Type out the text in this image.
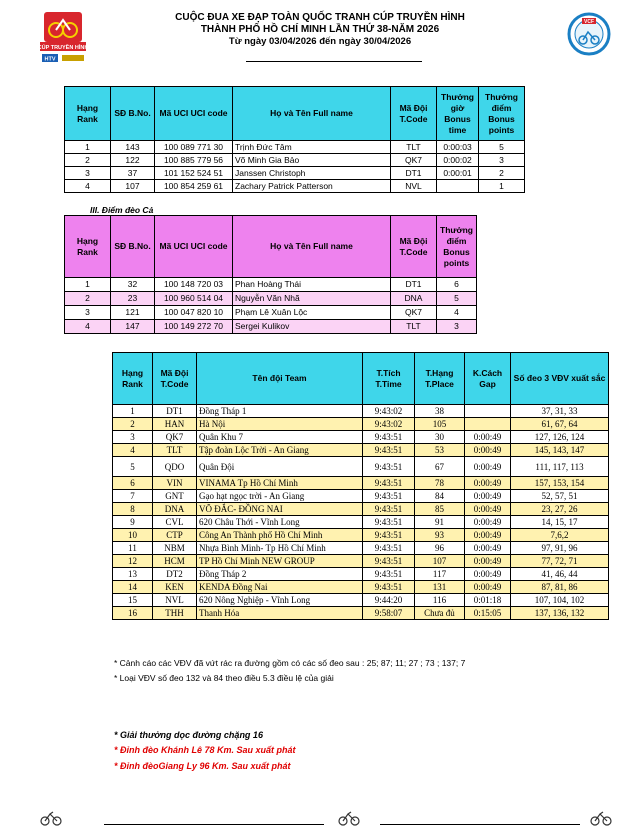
CÚP TRUYỀN HÌNH
HTV
VCF
CUỘC ĐUA XE ĐẠP TOÀN QUỐC TRANH CÚP TRUYỀN HÌNH
THÀNH PHỐ HỒ CHÍ MINH LẦN THỨ 38-NĂM 2026
Từ ngày 03/04/2026 đến ngày 30/04/2026
Hạng Rank	SĐ B.No.	Mã UCI UCI code	Họ và Tên Full name	Mã Đội T.Code	Thưởng giờ Bonus time	Thưởng điểm Bonus points
1	143	100 089 771 30	Trịnh Đức Tâm	TLT	0:00:03	5
2	122	100 885 779 56	Võ Minh Gia Bảo	QK7	0:00:02	3
3	37	101 152 524 51	Janssen Christoph	DT1	0:00:01	2
4	107	100 854 259 61	Zachary Patrick Patterson	NVL		1
III. Điểm đèo Cả
Hạng Rank	SĐ B.No.	Mã UCI UCI code	Họ và Tên Full name	Mã Đội T.Code	Thưởng điểm Bonus points
1	32	100 148 720 03	Phan Hoàng Thái	DT1	6
2	23	100 960 514 04	Nguyễn Văn Nhã	DNA	5
3	121	100 047 820 10	Phạm Lê Xuân Lộc	QK7	4
4	147	100 149 272 70	Sergei Kulikov	TLT	3
Hạng Rank	Mã Đội T.Code	Tên đội Team	T.Tích T.Time	T.Hạng T.Place	K.Cách Gap	Số đeo 3 VĐV xuất sắc
1	DT1	Đồng Tháp 1	9:43:02	38		37, 31, 33
2	HAN	Hà Nội	9:43:02	105		61, 67, 64
3	QK7	Quân Khu 7	9:43:51	30	0:00:49	127, 126, 124
4	TLT	Tập đoàn Lộc Trời - An Giang	9:43:51	53	0:00:49	145, 143, 147
5	QDO	Quân Đội	9:43:51	67	0:00:49	111, 117, 113
6	VIN	VINAMA Tp Hồ Chí Minh	9:43:51	78	0:00:49	157, 153, 154
7	GNT	Gạo hạt ngọc trời - An Giang	9:43:51	84	0:00:49	52, 57, 51
8	DNA	VÕ ĐẮC- ĐỒNG NAI	9:43:51	85	0:00:49	23, 27, 26
9	CVL	620 Châu Thới - Vĩnh Long	9:43:51	91	0:00:49	14, 15, 17
10	CTP	Công An Thành phố Hồ Chí Minh	9:43:51	93	0:00:49	7,6,2
11	NBM	Nhựa Bình Minh- Tp Hồ Chí Minh	9:43:51	96	0:00:49	97, 91, 96
12	HCM	TP Hồ Chí Minh NEW GROUP	9:43:51	107	0:00:49	77, 72, 71
13	DT2	Đồng Tháp 2	9:43:51	117	0:00:49	41, 46, 44
14	KEN	KENDA Đồng Nai	9:43:51	131	0:00:49	87, 81, 86
15	NVL	620 Nông Nghiệp - Vĩnh Long	9:44:20	116	0:01:18	107, 104, 102
16	THH	Thanh Hóa	9:58:07	Chưa đủ	0:15:05	137, 136, 132
* Cảnh cáo các VĐV đã vứt rác ra đường gồm có các số đeo sau : 25; 87; 11; 27 ; 73 ; 137; 7
* Loại VĐV số đeo 132 và 84 theo điều 5.3 điều lệ của giải
* Giải thưởng dọc đường chặng 16
* Đỉnh đèo Khánh Lê 78 Km. Sau xuất phát
* Đỉnh đèoGiang Ly 96 Km. Sau xuất phát
